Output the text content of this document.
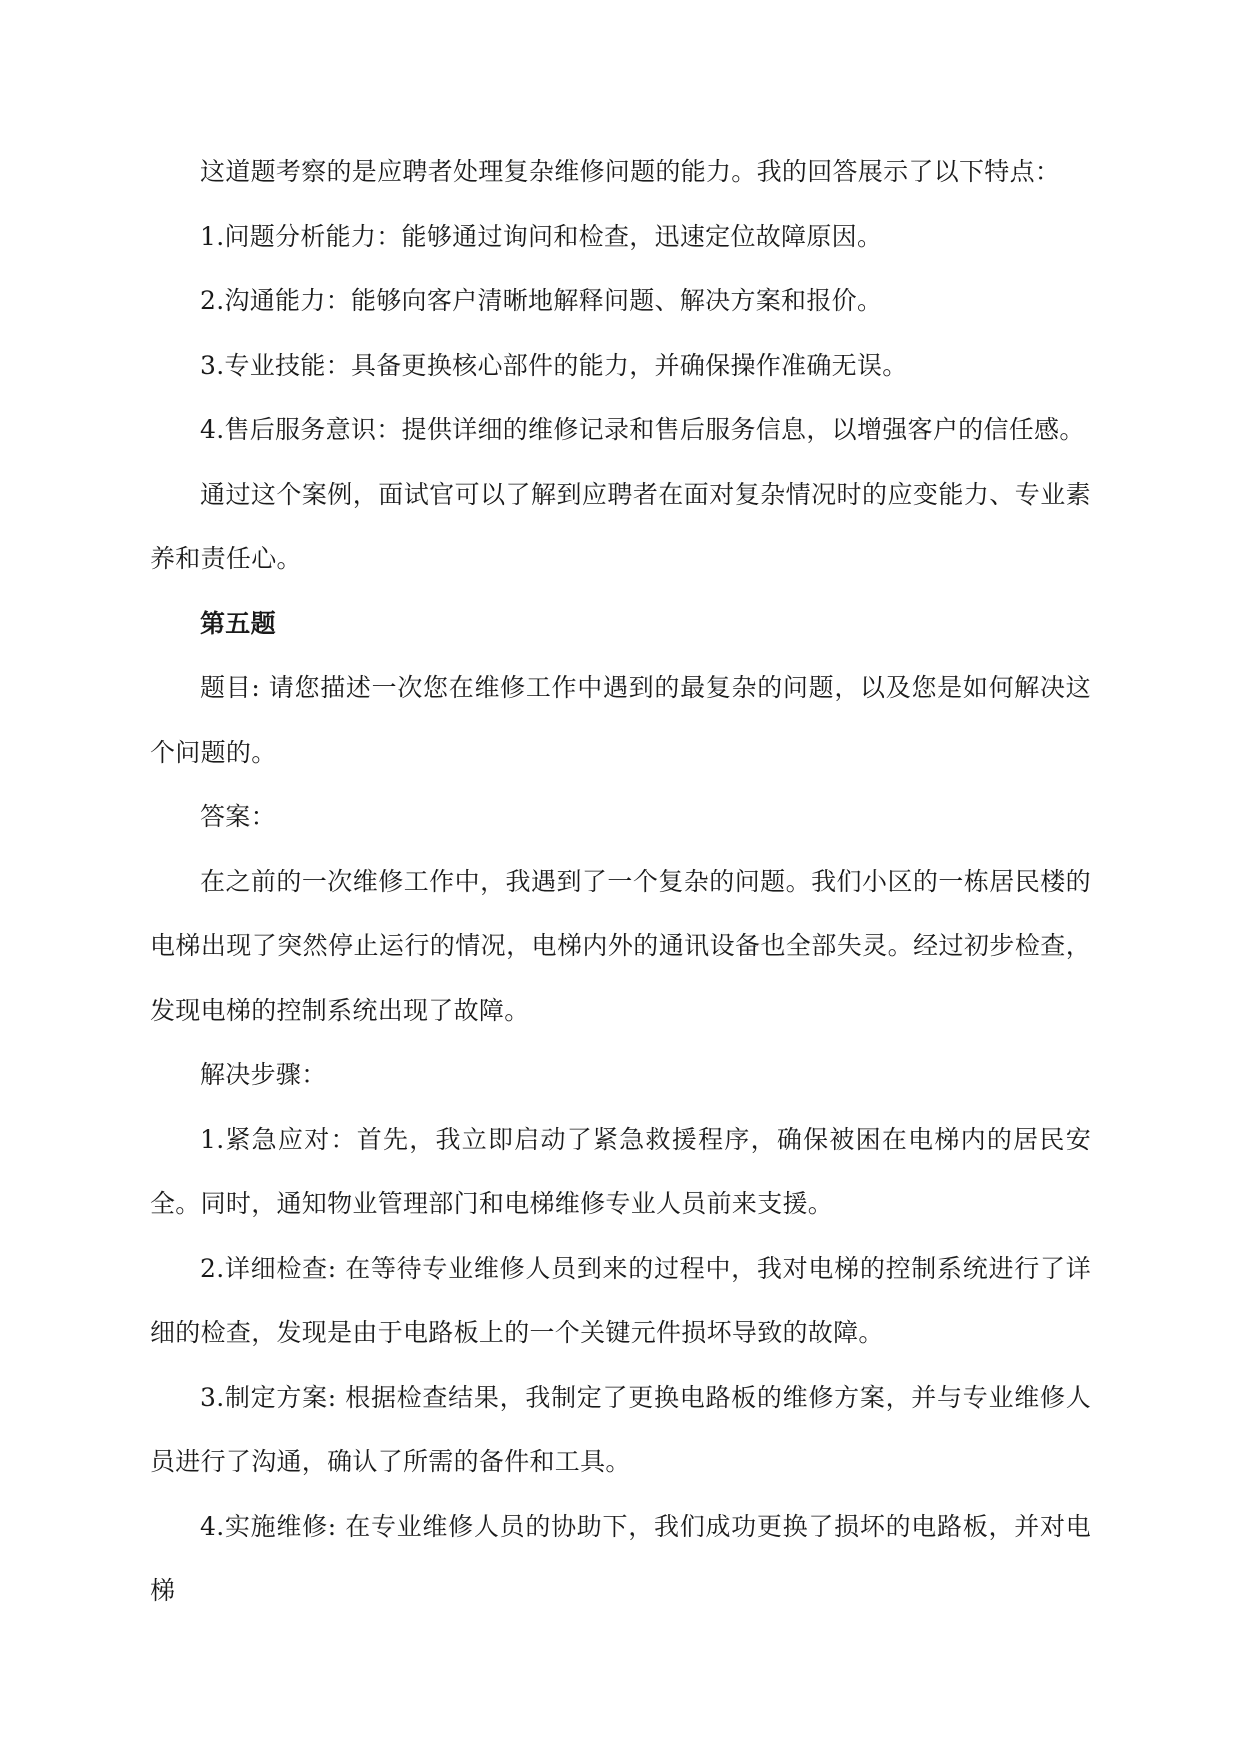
这道题考察的是应聘者处理复杂维修问题的能力。我的回答展示了以下特点：

1.问题分析能力：能够通过询问和检查，迅速定位故障原因。

2.沟通能力：能够向客户清晰地解释问题、解决方案和报价。

3.专业技能：具备更换核心部件的能力，并确保操作准确无误。

4.售后服务意识：提供详细的维修记录和售后服务信息，以增强客户的信任感。

通过这个案例，面试官可以了解到应聘者在面对复杂情况时的应变能力、专业素养和责任心。

第五题

题目: 请您描述一次您在维修工作中遇到的最复杂的问题，以及您是如何解决这个问题的。

答案：

在之前的一次维修工作中，我遇到了一个复杂的问题。我们小区的一栋居民楼的电梯出现了突然停止运行的情况，电梯内外的通讯设备也全部失灵。经过初步检查，发现电梯的控制系统出现了故障。

解决步骤：

1.紧急应对：首先，我立即启动了紧急救援程序，确保被困在电梯内的居民安全。同时，通知物业管理部门和电梯维修专业人员前来支援。

2.详细检查: 在等待专业维修人员到来的过程中，我对电梯的控制系统进行了详细的检查，发现是由于电路板上的一个关键元件损坏导致的故障。

3.制定方案: 根据检查结果，我制定了更换电路板的维修方案，并与专业维修人员进行了沟通，确认了所需的备件和工具。

4.实施维修: 在专业维修人员的协助下，我们成功更换了损坏的电路板，并对电梯
